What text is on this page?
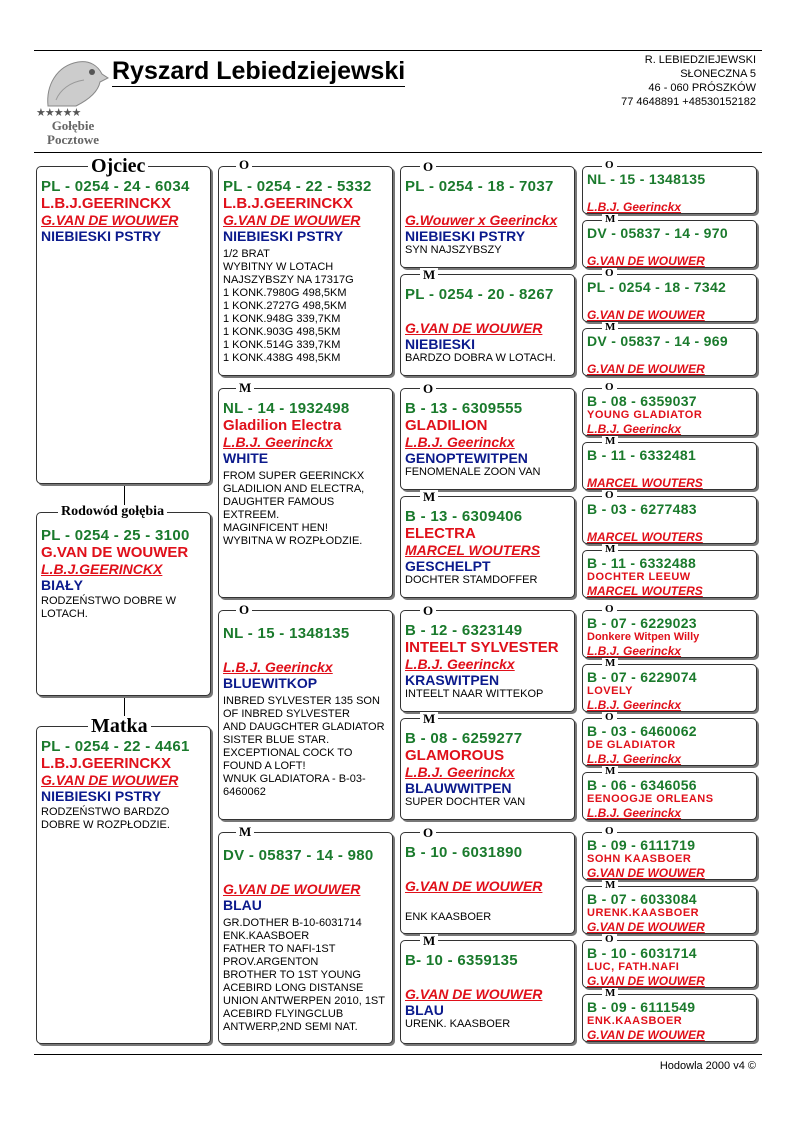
★★★★★
Gołębie
Pocztowe
Ryszard Lebiedziejewski	R. LEBIEDZIEJEWSKI
SŁONECZNA 5
46 - 060 PRÓSZKÓW
77 4648891 +48530152182
PL - 0254 - 24 - 6034
L.B.J.GEERINCKX
G.VAN DE WOUWER
NIEBIESKI PSTRY
Ojciec
PL - 0254 - 25 - 3100
G.VAN DE WOUWER
L.B.J.GEERINCKX
BIAŁY
RODZEŃSTWO DOBRE W LOTACH.
Rodowód gołębia
PL - 0254 - 22 - 4461
L.B.J.GEERINCKX
G.VAN DE WOUWER
NIEBIESKI PSTRY
RODZEŃSTWO BARDZO DOBRE W ROZPŁODZIE.
Matka
PL - 0254 - 22 - 5332
L.B.J.GEERINCKX
G.VAN DE WOUWER
NIEBIESKI PSTRY
1/2 BRAT
WYBITNY W LOTACH
NAJSZYBSZY NA 17317G
1 KONK.7980G 498,5KM
1 KONK.2727G 498,5KM
1 KONK.948G 339,7KM
1 KONK.903G 498,5KM
1 KONK.514G 339,7KM
1 KONK.438G 498,5KM
O
NL - 14 - 1932498
Gladilion Electra
L.B.J. Geerinckx
WHITE
FROM SUPER GEERINCKX GLADILION AND ELECTRA, DAUGHTER FAMOUS EXTREEM.
MAGINFICENT HEN!
WYBITNA W ROZPŁODZIE.
M
NL - 15 - 1348135
L.B.J. Geerinckx
BLUEWITKOP
INBRED SYLVESTER 135 SON OF INBRED SYLVESTER
AND DAUGCHTER GLADIATOR SISTER BLUE STAR. EXCEPTIONAL COCK TO FOUND A LOFT!
WNUK GLADIATORA - B-03-6460062
O
DV - 05837 - 14 - 980
G.VAN DE WOUWER
BLAU
GR.DOTHER B-10-6031714 ENK.KAASBOER
FATHER TO NAFI-1ST PROV.ARGENTON
BROTHER TO 1ST YOUNG ACEBIRD LONG DISTANSE UNION ANTWERPEN 2010, 1ST ACEBIRD FLYINGCLUB ANTWERP,2ND SEMI NAT.
M
PL - 0254 - 18 - 7037
G.Wouwer x Geerinckx
NIEBIESKI PSTRY
SYN NAJSZYBSZY
O
PL - 0254 - 20 - 8267
G.VAN DE WOUWER
NIEBIESKI
BARDZO DOBRA W LOTACH.
M
B - 13 - 6309555
GLADILION
L.B.J. Geerinckx
GENOPTEWITPEN
FENOMENALE ZOON VAN
O
B - 13 - 6309406
ELECTRA
MARCEL WOUTERS
GESCHELPT
DOCHTER STAMDOFFER
M
B - 12 - 6323149
INTEELT SYLVESTER
L.B.J. Geerinckx
KRASWITPEN
INTEELT NAAR WITTEKOP
O
B - 08 - 6259277
GLAMOROUS
L.B.J. Geerinckx
BLAUWWITPEN
SUPER DOCHTER VAN
M
B - 10 - 6031890
G.VAN DE WOUWER
ENK KAASBOER
O
B- 10 - 6359135
G.VAN DE WOUWER
BLAU
URENK. KAASBOER
M
NL - 15 - 1348135
L.B.J. Geerinckx
O
DV - 05837 - 14 - 970
G.VAN DE WOUWER
M
PL - 0254 - 18 - 7342
G.VAN DE WOUWER
O
DV - 05837 - 14 - 969
G.VAN DE WOUWER
M
B - 08 - 6359037
YOUNG GLADIATOR
L.B.J. Geerinckx
O
B - 11 - 6332481
MARCEL WOUTERS
M
B - 03 - 6277483
MARCEL WOUTERS
O
B - 11 - 6332488
DOCHTER LEEUW
MARCEL WOUTERS
M
B - 07 - 6229023
Donkere Witpen Willy
L.B.J. Geerinckx
O
B - 07 - 6229074
LOVELY
L.B.J. Geerinckx
M
B - 03 - 6460062
DE GLADIATOR
L.B.J. Geerinckx
O
B - 06 - 6346056
EENOOGJE ORLEANS
L.B.J. Geerinckx
M
B - 09 - 6111719
SOHN KAASBOER
G.VAN DE WOUWER
O
B - 07 - 6033084
URENK.KAASBOER
G.VAN DE WOUWER
M
B - 10 - 6031714
LUC, FATH.NAFI
G.VAN DE WOUWER
O
B - 09 - 6111549
ENK.KAASBOER
G.VAN DE WOUWER
M
Hodowla 2000 v4 ©
